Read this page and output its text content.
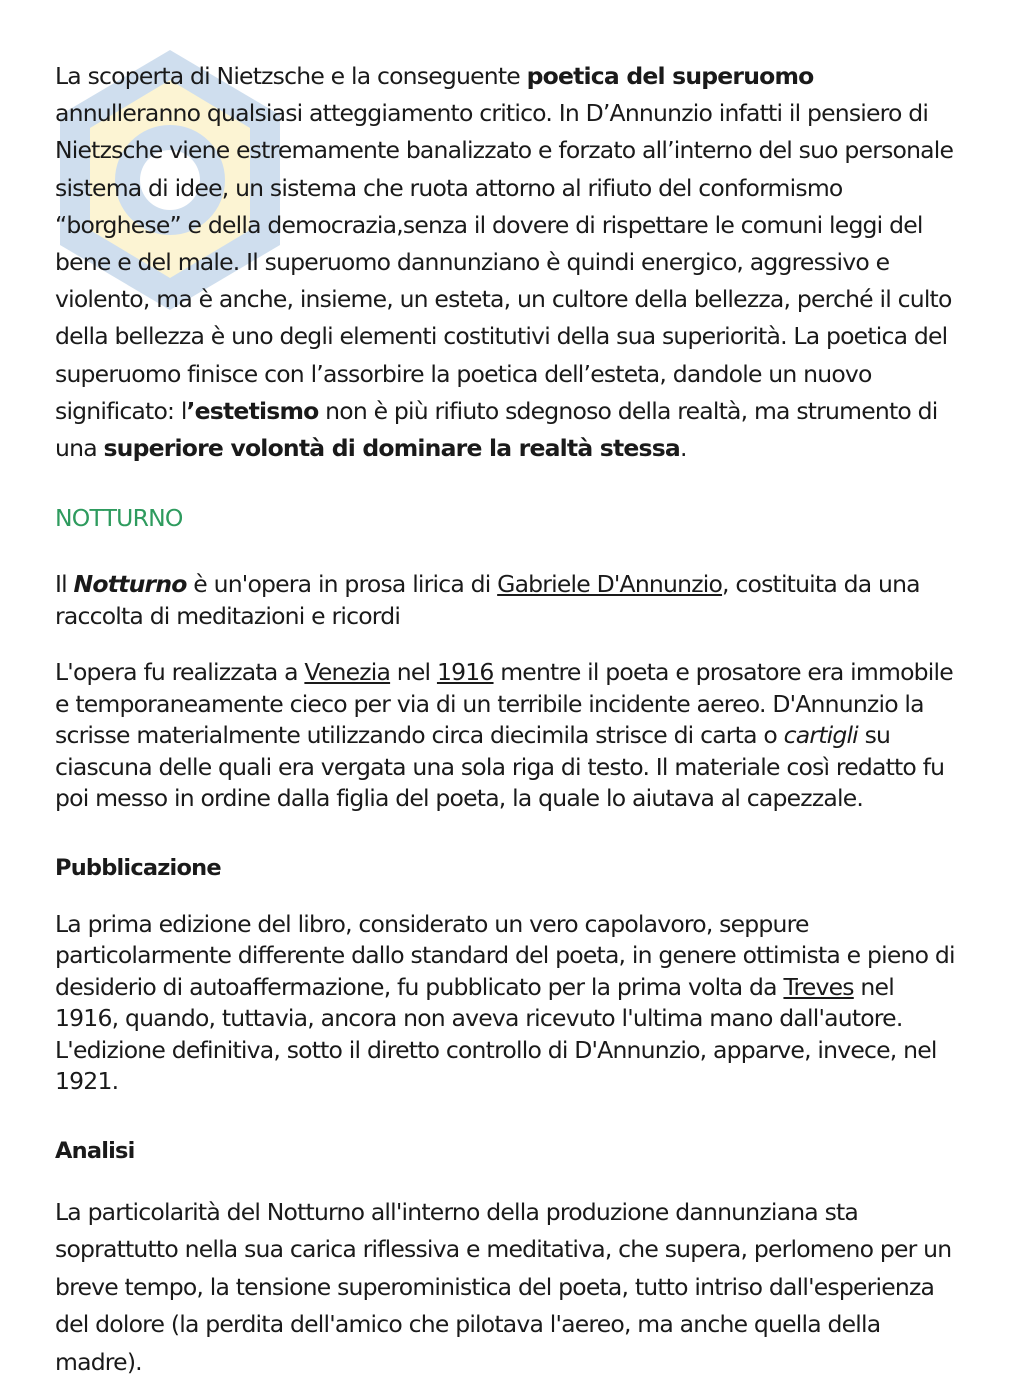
La scoperta di Nietzsche e la conseguente poetica del superuomo annulleranno qualsiasi atteggiamento critico. In D’Annunzio infatti il pensiero di Nietzsche viene estremamente banalizzato e forzato all’interno del suo personale sistema di idee, un sistema che ruota attorno al rifiuto del conformismo “borghese” e della democrazia,senza il dovere di rispettare le comuni leggi del bene e del male. Il superuomo dannunziano è quindi energico, aggressivo e violento, ma è anche, insieme, un esteta, un cultore della bellezza, perché il culto della bellezza è uno degli elementi costitutivi della sua superiorità. La poetica del superuomo finisce con l’assorbire la poetica dell’esteta, dandole un nuovo significato: l’estetismo non è più rifiuto sdegnoso della realtà, ma strumento di una superiore volontà di dominare la realtà stessa.

NOTTURNO

Il Notturno è un'opera in prosa lirica di Gabriele D'Annunzio, costituita da una raccolta di meditazioni e ricordi

L'opera fu realizzata a Venezia nel 1916 mentre il poeta e prosatore era immobile e temporaneamente cieco per via di un terribile incidente aereo. D'Annunzio la scrisse materialmente utilizzando circa diecimila strisce di carta o cartigli su ciascuna delle quali era vergata una sola riga di testo. Il materiale così redatto fu poi messo in ordine dalla figlia del poeta, la quale lo aiutava al capezzale.

Pubblicazione

La prima edizione del libro, considerato un vero capolavoro, seppure particolarmente differente dallo standard del poeta, in genere ottimista e pieno di desiderio di autoaffermazione, fu pubblicato per la prima volta da Treves nel 1916, quando, tuttavia, ancora non aveva ricevuto l'ultima mano dall'autore. L'edizione definitiva, sotto il diretto controllo di D'Annunzio, apparve, invece, nel 1921.

Analisi

La particolarità del Notturno all'interno della produzione dannunziana sta soprattutto nella sua carica riflessiva e meditativa, che supera, perlomeno per un breve tempo, la tensione superoministica del poeta, tutto intriso dall'esperienza del dolore (la perdita dell'amico che pilotava l'aereo, ma anche quella della madre).
